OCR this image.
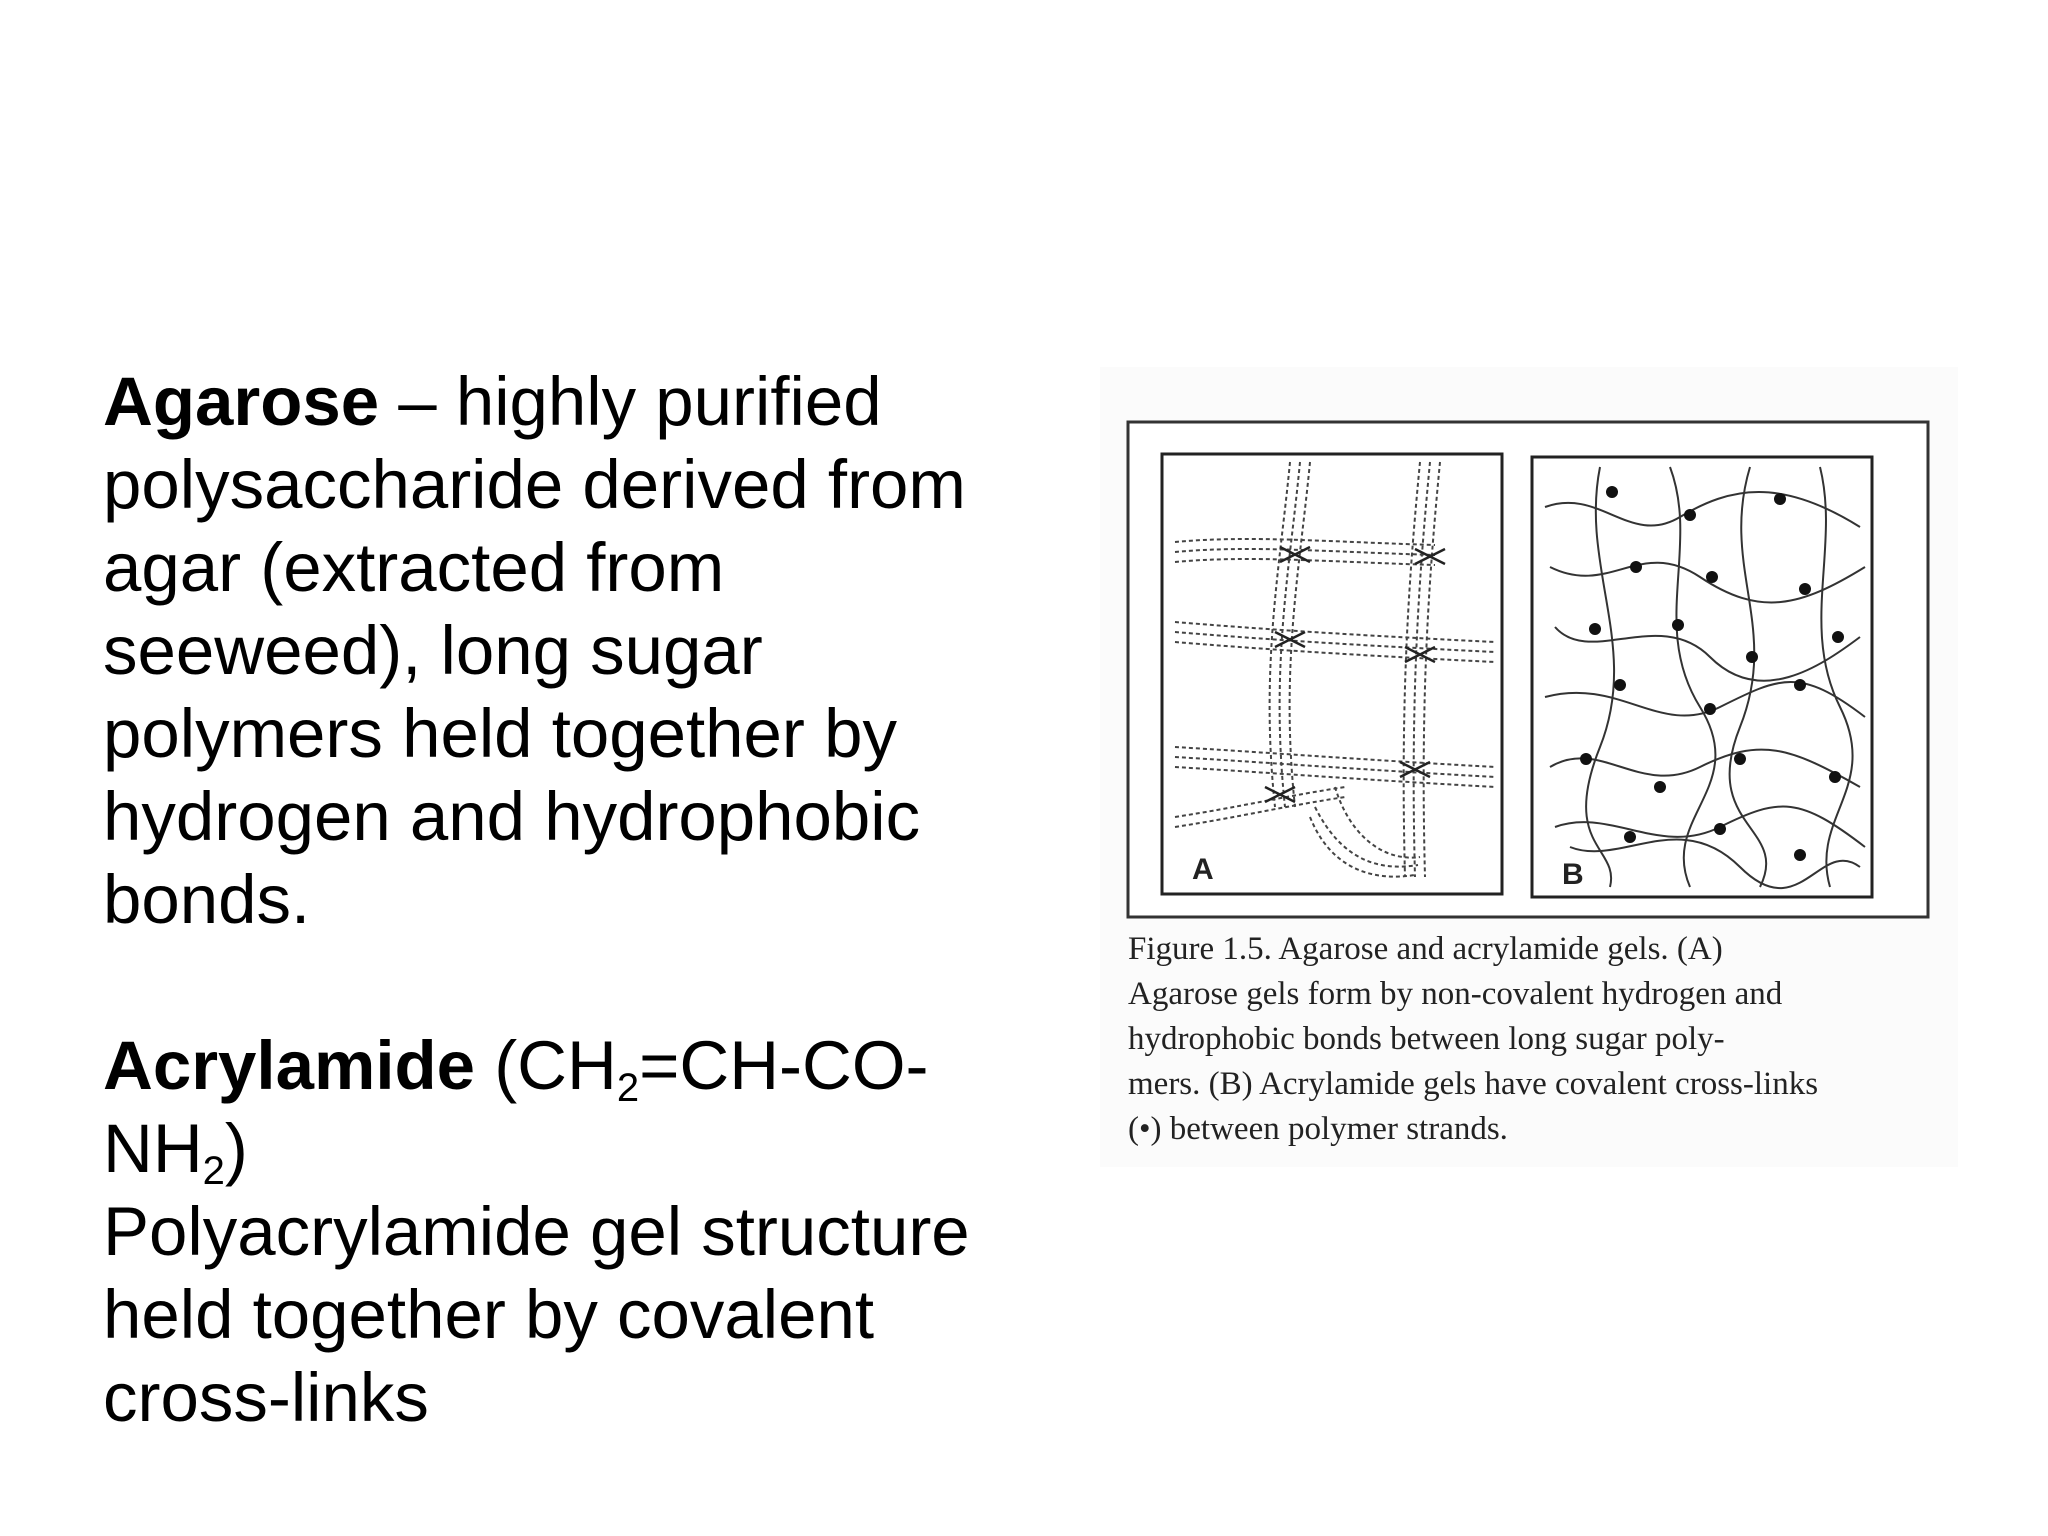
Agarose – highly purified polysaccharide derived from agar (extracted from seeweed), long sugar polymers held together by hydrogen and hydrophobic bonds.

Acrylamide ($CH_2=CH-CO-$ $NH_2$)

Polyacrylamide gel structure held together by covalent cross-links

A	B
Figure 1.5. Agarose and acrylamide gels. (A)
Agarose gels form by non-covalent hydrogen and
hydrophobic bonds between long sugar poly-
mers. (B) Acrylamide gels have covalent cross-links
(•) between polymer strands.
